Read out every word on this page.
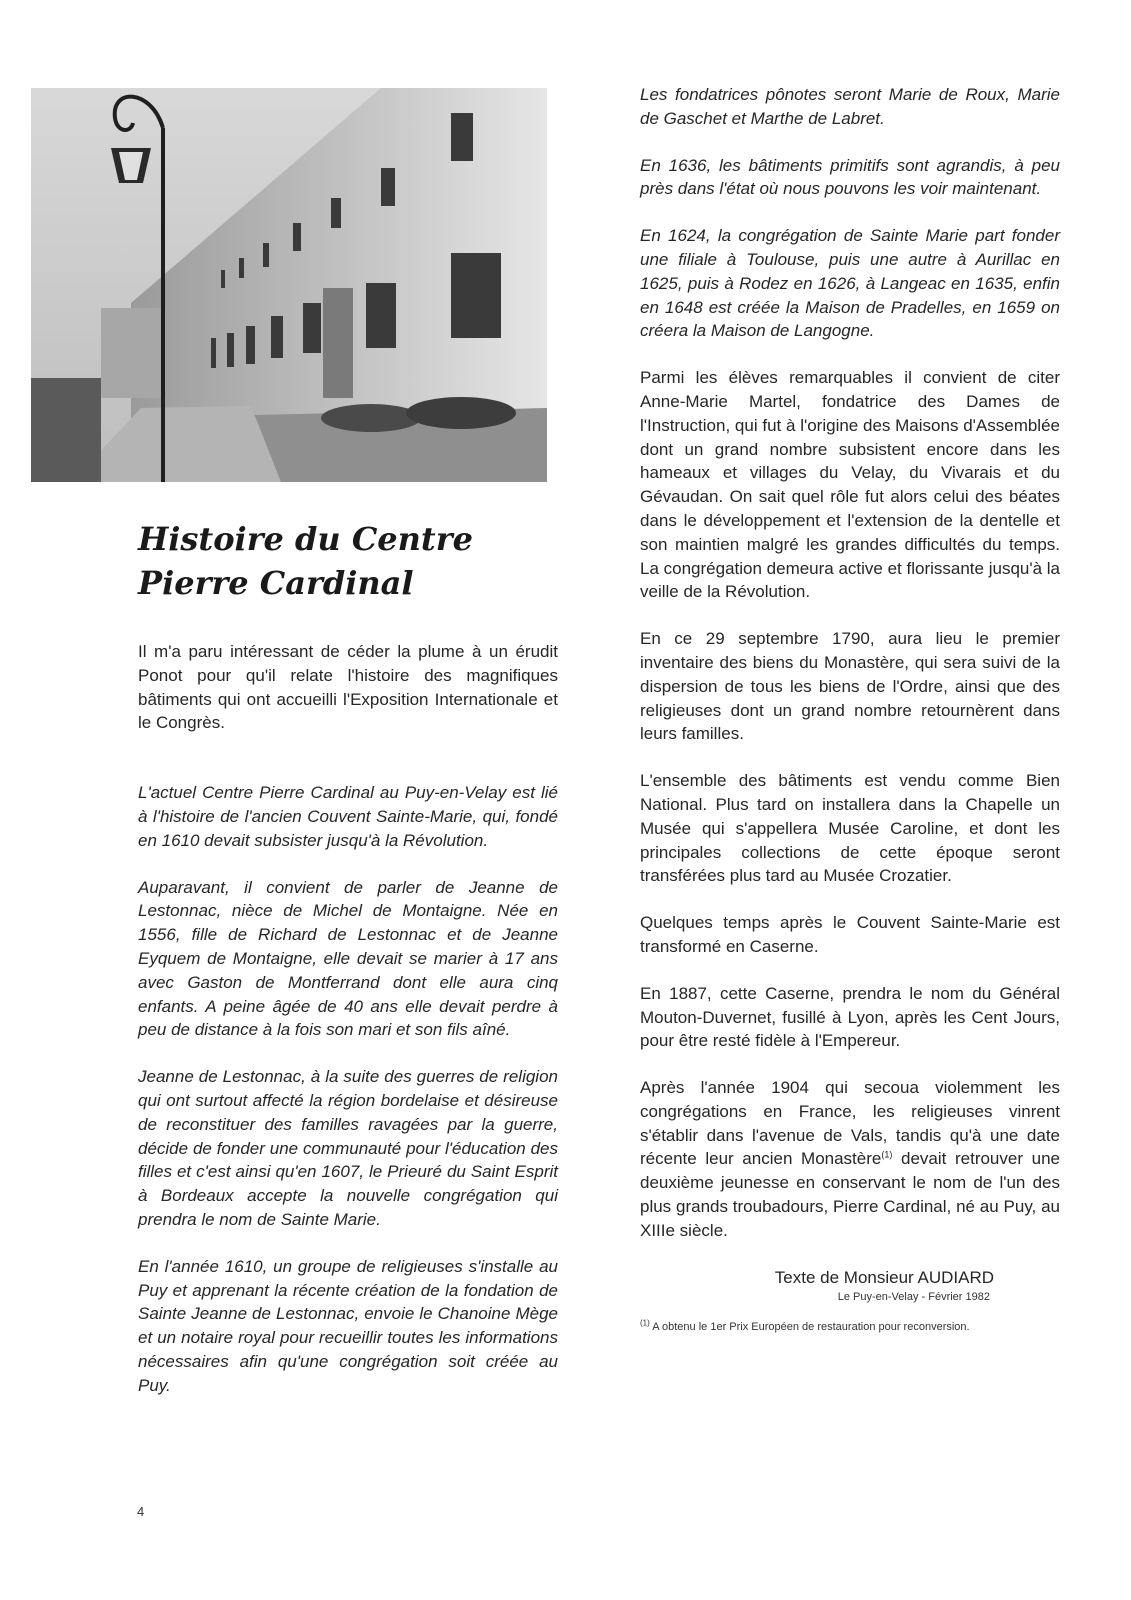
Histoire du Centre
Pierre Cardinal

Il m'a paru intéressant de céder la plume à un érudit Ponot pour qu'il relate l'histoire des magnifiques bâtiments qui ont accueilli l'Exposition Internationale et le Congrès.

L'actuel Centre Pierre Cardinal au Puy-en-Velay est lié à l'histoire de l'ancien Couvent Sainte-Marie, qui, fondé en 1610 devait subsister jusqu'à la Révolution.

Auparavant, il convient de parler de Jeanne de Lestonnac, nièce de Michel de Montaigne. Née en 1556, fille de Richard de Lestonnac et de Jeanne Eyquem de Montaigne, elle devait se marier à 17 ans avec Gaston de Montferrand dont elle aura cinq enfants. A peine âgée de 40 ans elle devait perdre à peu de distance à la fois son mari et son fils aîné.

Jeanne de Lestonnac, à la suite des guerres de religion qui ont surtout affecté la région bordelaise et désireuse de reconstituer des familles ravagées par la guerre, décide de fonder une communauté pour l'éducation des filles et c'est ainsi qu'en 1607, le Prieuré du Saint Esprit à Bordeaux accepte la nouvelle congrégation qui prendra le nom de Sainte Marie.

En l'année 1610, un groupe de religieuses s'installe au Puy et apprenant la récente création de la fondation de Sainte Jeanne de Lestonnac, envoie le Chanoine Mège et un notaire royal pour recueillir toutes les informations nécessaires afin qu'une congrégation soit créée au Puy.

Les fondatrices pônotes seront Marie de Roux, Marie de Gaschet et Marthe de Labret.

En 1636, les bâtiments primitifs sont agrandis, à peu près dans l'état où nous pouvons les voir maintenant.

En 1624, la congrégation de Sainte Marie part fonder une filiale à Toulouse, puis une autre à Aurillac en 1625, puis à Rodez en 1626, à Langeac en 1635, enfin en 1648 est créée la Maison de Pradelles, en 1659 on créera la Maison de Langogne.

Parmi les élèves remarquables il convient de citer Anne-Marie Martel, fondatrice des Dames de l'Instruction, qui fut à l'origine des Maisons d'Assemblée dont un grand nombre subsistent encore dans les hameaux et villages du Velay, du Vivarais et du Gévaudan. On sait quel rôle fut alors celui des béates dans le développement et l'extension de la dentelle et son maintien malgré les grandes difficultés du temps. La congrégation demeura active et florissante jusqu'à la veille de la Révolution.

En ce 29 septembre 1790, aura lieu le premier inventaire des biens du Monastère, qui sera suivi de la dispersion de tous les biens de l'Ordre, ainsi que des religieuses dont un grand nombre retournèrent dans leurs familles.

L'ensemble des bâtiments est vendu comme Bien National. Plus tard on installera dans la Chapelle un Musée qui s'appellera Musée Caroline, et dont les principales collections de cette époque seront transférées plus tard au Musée Crozatier.

Quelques temps après le Couvent Sainte-Marie est transformé en Caserne.

En 1887, cette Caserne, prendra le nom du Général Mouton-Duvernet, fusillé à Lyon, après les Cent Jours, pour être resté fidèle à l'Empereur.

Après l'année 1904 qui secoua violemment les congrégations en France, les religieuses vinrent s'établir dans l'avenue de Vals, tandis qu'à une date récente leur ancien Monastère$^{(1)}$ devait retrouver une deuxième jeunesse en conservant le nom de l'un des plus grands troubadours, Pierre Cardinal, né au Puy, au XIIIe siècle.

Texte de Monsieur AUDIARD
Le Puy-en-Velay - Février 1982
$^{(1)}$ A obtenu le 1er Prix Européen de restauration pour reconversion.
4
